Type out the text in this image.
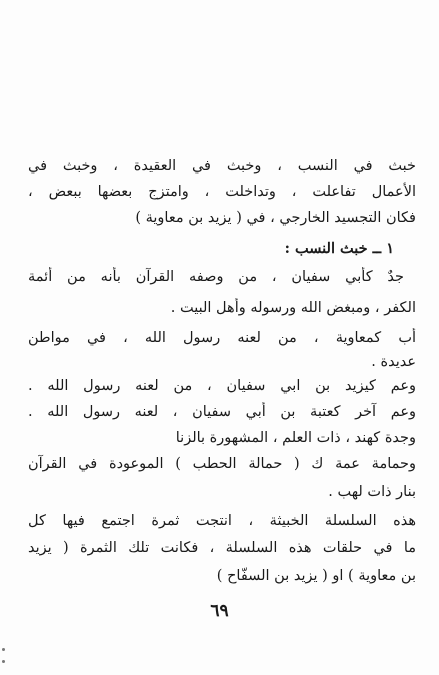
خبث في النسب ، وخبث في العقيدة ، وخبث في
الأعمال تفاعلت ، وتداخلت ، وامتزج بعضها ببعض ،
فكان التجسيد الخارجي ، في ( يزيد بن معاوية )
١ ــ خبث النسب :
جدٌ كأبي سفيان ، من وصفه القرآن بأنه من أئمة
الكفر ، ومبغض الله ورسوله وأهل البيت .
أب كمعاوية ، من لعنه رسول الله ، في مواطن
عديدة .
وعم كيزيد بن ابي سفيان ، من لعنه رسول الله .
وعم آخر كعتبة بن أبي سفيان ، لعنه رسول الله .
وجدة كهند ، ذات العلم ، المشهورة بالزنا
وحمامة عمة ك ( حمالة الحطب ) الموعودة في القرآن
بنار ذات لهب .
هذه السلسلة الخبيثة ، انتجت ثمرة اجتمع فيها كل
ما في حلقات هذه السلسلة ، فكانت تلك الثمرة ( يزيد
بن معاوية ) او ( يزيد بن السفّاح )
٦٩
